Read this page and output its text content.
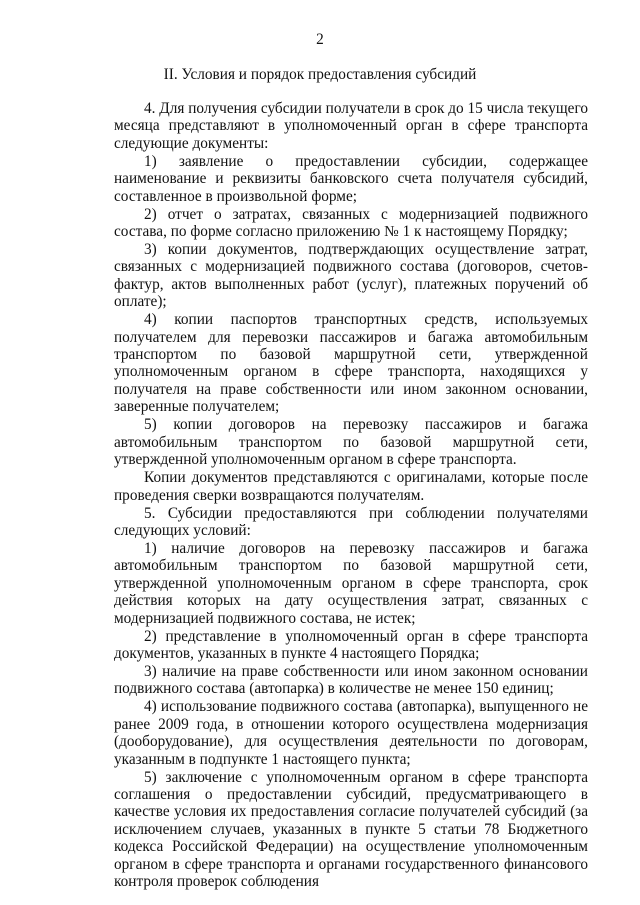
2
II. Условия и порядок предоставления субсидий

4. Для получения субсидии получатели в срок до 15 числа текущего месяца представляют в уполномоченный орган в сфере транспорта следующие документы:

1) заявление о предоставлении субсидии, содержащее наименование и реквизиты банковского счета получателя субсидий, составленное в произвольной форме;

2) отчет о затратах, связанных с модернизацией подвижного состава, по форме согласно приложению № 1 к настоящему Порядку;

3) копии документов, подтверждающих осуществление затрат, связанных с модернизацией подвижного состава (договоров, счетов-фактур, актов выполненных работ (услуг), платежных поручений об оплате);

4) копии паспортов транспортных средств, используемых получателем для перевозки пассажиров и багажа автомобильным транспортом по базовой маршрутной сети, утвержденной уполномоченным органом в сфере транспорта, находящихся у получателя на праве собственности или ином законном основании, заверенные получателем;

5) копии договоров на перевозку пассажиров и багажа автомобильным транспортом по базовой маршрутной сети, утвержденной уполномоченным органом в сфере транспорта.

Копии документов представляются с оригиналами, которые после проведения сверки возвращаются получателям.

5. Субсидии предоставляются при соблюдении получателями следующих условий:

1) наличие договоров на перевозку пассажиров и багажа автомобильным транспортом по базовой маршрутной сети, утвержденной уполномоченным органом в сфере транспорта, срок действия которых на дату осуществления затрат, связанных с модернизацией подвижного состава, не истек;

2) представление в уполномоченный орган в сфере транспорта документов, указанных в пункте 4 настоящего Порядка;

3) наличие на праве собственности или ином законном основании подвижного состава (автопарка) в количестве не менее 150 единиц;

4) использование подвижного состава (автопарка), выпущенного не ранее 2009 года, в отношении которого осуществлена модернизация (дооборудование), для осуществления деятельности по договорам, указанным в подпункте 1 настоящего пункта;

5) заключение с уполномоченным органом в сфере транспорта соглашения о предоставлении субсидий, предусматривающего в качестве условия их предоставления согласие получателей субсидий (за исключением случаев, указанных в пункте 5 статьи 78 Бюджетного кодекса Российской Федерации) на осуществление уполномоченным органом в сфере транспорта и органами государственного финансового контроля проверок соблюдения
